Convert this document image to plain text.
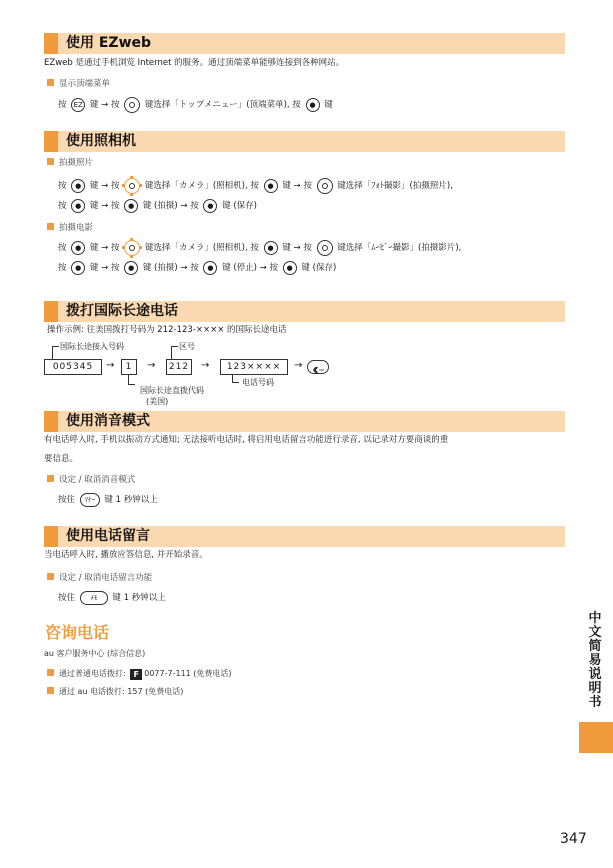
使用 EZweb
EZweb 是通过手机浏览 Internet 的服务。通过顶端菜单能够连接到各种网站。
显示顶端菜单
按 EZ 键 → 按	键选择「トップメニュー」(顶端菜单), 按 ● 键
使用照相机
拍摄照片
按 ● 键 → 按	键选择「カメラ」(照相机), 按 ● 键 → 按	键选择「ﾌｫﾄ撮影」(拍摄照片),
按 ● 键 → 按 ● 键 (拍摄) → 按 ● 键 (保存)
拍摄电影
按 ● 键 → 按	键选择「カメラ」(照相机), 按 ● 键 → 按	键选择「ﾑｰﾋﾞｰ撮影」(拍摄影片),
按 ● 键 → 按 ● 键 (拍摄) → 按 ● 键 (停止) → 按 ● 键 (保存)
拨打国际长途电话
操作示例: 往美国拨打号码为 212-123-×××× 的国际长途电话
国际长途接入号码	区号
005345	→	1	→	212 →	123××××	→
国际长途直拨代码
(美国)
电话号码
使用消音模式
有电话呼入时, 手机以振动方式通知; 无法接听电话时, 将启用电话留言功能进行录音, 以记录对方要商谈的重
要信息。
设定 / 取消消音模式
按住 ﾏﾅｰ 键 1 秒钟以上
使用电话留言
当电话呼入时, 播放应答信息, 并开始录音。
设定 / 取消电话留言功能
按住 ﾒﾓ 键 1 秒钟以上
咨询电话
au 客户服务中心 (综合信息)
通过普通电话拨打: F 0077-7-111 (免费电话)
通过 au 电话拨打: 157 (免费电话)
中文简易说明书
347
